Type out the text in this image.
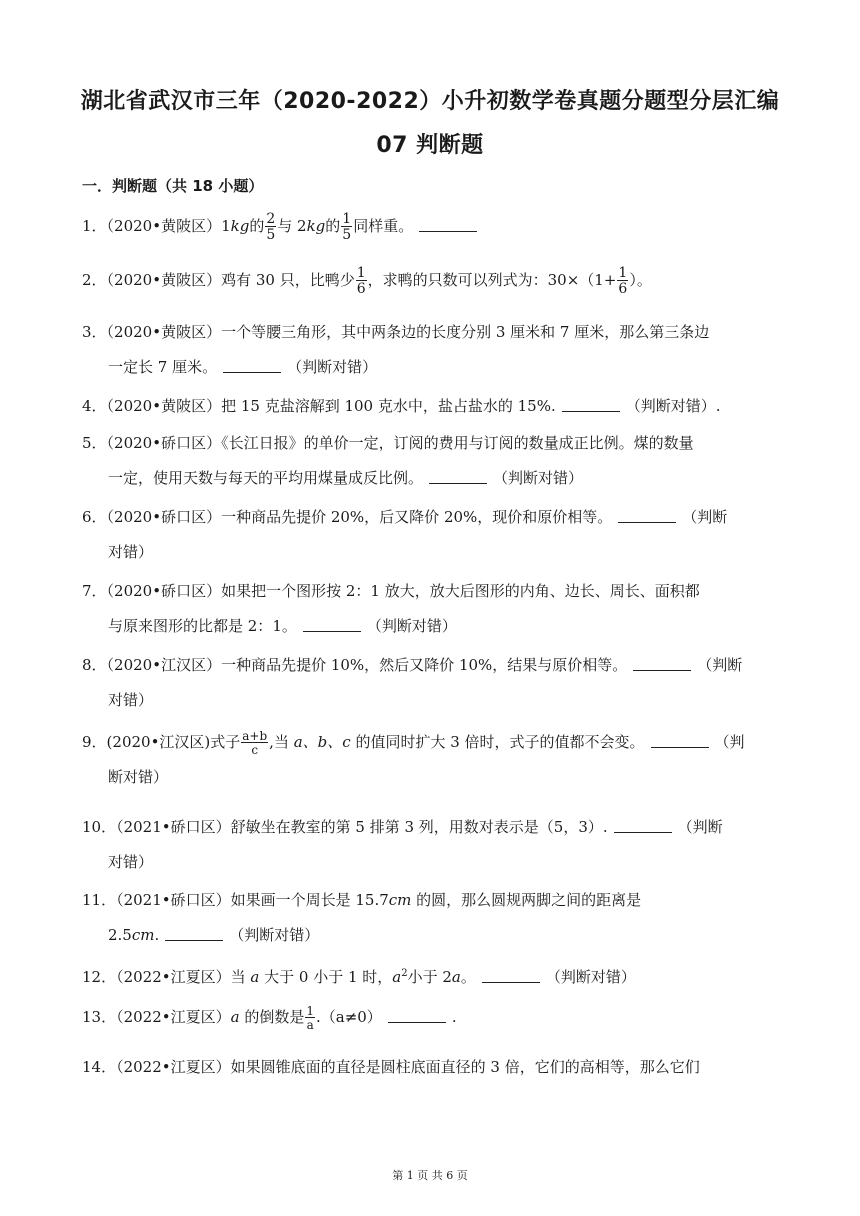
湖北省武汉市三年（2020-2022）小升初数学卷真题分题型分层汇编
07 判断题
一．判断题（共 18 小题）
1．（2020•黄陂区）1kg的 $\frac{2}{5}$ 与 2kg的 $\frac{1}{5}$ 同样重。
2．（2020•黄陂区）鸡有 30 只，比鸭少 $\frac{1}{6}$ ，求鸭的只数可以列式为：$30\times(1+ \frac{1}{6}$ ）。
3．（2020•黄陂区）一个等腰三角形，其中两条边的长度分别 3 厘米和 7 厘米，那么第三条边
一定长 7 厘米。	（判断对错）
4．（2020•黄陂区）把 15 克盐溶解到 100 克水中，盐占盐水的 15%.	（判断对错）.
5．（2020•硚口区）《长江日报》的单价一定，订阅的费用与订阅的数量成正比例。煤的数量
一定，使用天数与每天的平均用煤量成反比例。	（判断对错）
6．（2020•硚口区）一种商品先提价 20%，后又降价 20%，现价和原价相等。	（判断
对错）
7．（2020•硚口区）如果把一个图形按 2：1 放大，放大后图形的内角、边长、周长、面积都
与原来图形的比都是 2：1。	（判断对错）
8．（2020•江汉区）一种商品先提价 10%，然后又降价 10%，结果与原价相等。	（判断
对错）
9．(2020•江汉区)式子 $\frac{a+b}{c}$ ,当 a、b、c 的值同时扩大 3 倍时，式子的值都不会变。	（判
断对错）
10．（2021•硚口区）舒敏坐在教室的第 5 排第 3 列，用数对表示是（5，3）.	（判断
对错）
11．（2021•硚口区）如果画一个周长是 15.7cm 的圆，那么圆规两脚之间的距离是
2.5cm.	（判断对错）
12．（2022•江夏区）当 a 大于 0 小于 1 时，$a^2$小于 2a。	（判断对错）
13．（2022•江夏区）a 的倒数是 $\frac{1}{a} .(a\ne 0)$	.
14．（2022•江夏区）如果圆锥底面的直径是圆柱底面直径的 3 倍，它们的高相等，那么它们
第 1 页 共 6 页
